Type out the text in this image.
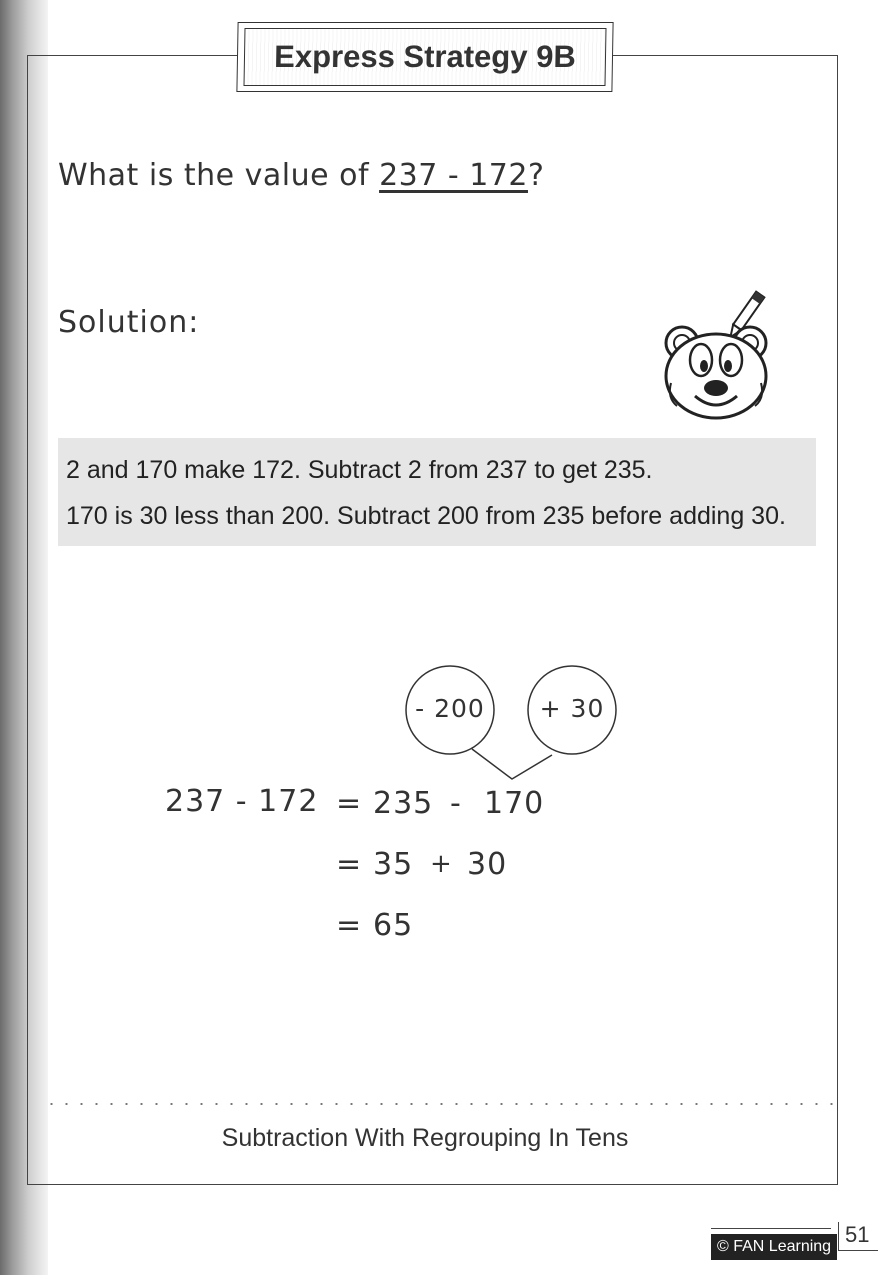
Express Strategy 9B
What is the value of 237 - 172?
Solution:
2 and 170 make 172. Subtract 2 from 237 to get 235.
170 is 30 less than 200. Subtract 200 from 235 before adding 30.
- 200	+ 30
237 - 172 = 235 - 170
= 35 + 30
= 65
Subtraction With Regrouping In Tens
© FAN Learning 51
